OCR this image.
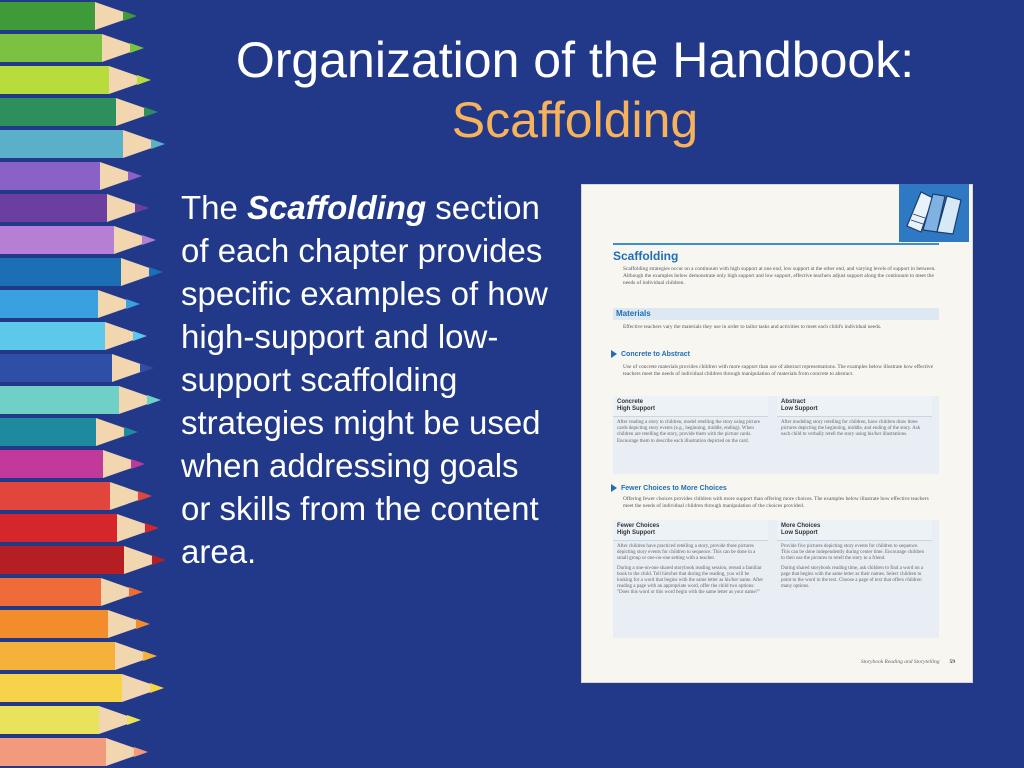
Organization of the Handbook:
Scaffolding
The Scaffolding section of each chapter provides specific examples of how high-support and low-support scaffolding strategies might be used when addressing goals or skills from the content area.
Scaffolding
Scaffolding strategies occur on a continuum with high support at one end, low support at the other end, and varying levels of support in between. Although the examples below demonstrate only high support and low support, effective teachers adjust support along the continuum to meet the needs of individual children.
Materials
Effective teachers vary the materials they use in order to tailor tasks and activities to meet each child's individual needs.
Concrete to Abstract
Use of concrete materials provides children with more support than use of abstract representations. The examples below illustrate how effective teachers meet the needs of individual children through manipulation of materials from concrete to abstract.
Concrete
High Support
After reading a story to children, model retelling the story using picture cards depicting story events (e.g., beginning, middle, ending). When children are retelling the story, provide them with the picture cards. Encourage them to describe each illustration depicted on the card.
Abstract
Low Support
After modeling story retelling for children, have children draw three pictures depicting the beginning, middle, and ending of the story. Ask each child to verbally retell the story using his/her illustrations.
Fewer Choices to More Choices
Offering fewer choices provides children with more support than offering more choices. The examples below illustrate how effective teachers meet the needs of individual children through manipulation of the choices provided.
Fewer Choices
High Support
After children have practiced retelling a story, provide three pictures depicting story events for children to sequence. This can be done in a small group or one-on-one setting with a teacher.
During a one-on-one shared storybook reading session, reread a familiar book to the child. Tell him/her that during the reading, you will be looking for a word that begins with the same letter as his/her name. After reading a page with an appropriate word, offer the child two options: "Does this word or this word begin with the same letter as your name?"
More Choices
Low Support
Provide five pictures depicting story events for children to sequence. This can be done independently during center time. Encourage children to then use the pictures to retell the story to a friend.
During shared storybook reading time, ask children to find a word on a page that begins with the same letter as their names. Select children to point to the word in the text. Choose a page of text that offers children many options.
Storybook Reading and Storytelling 59
